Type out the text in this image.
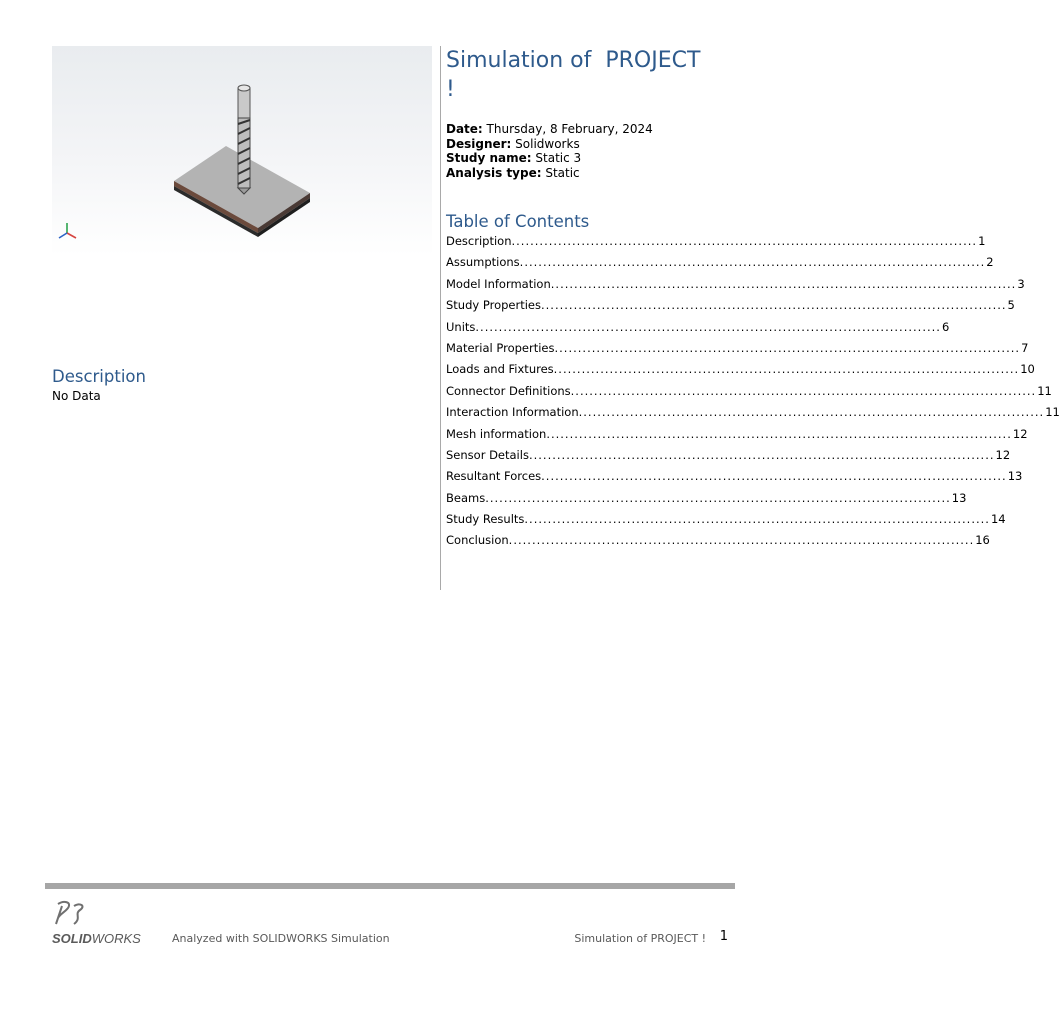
Simulation of  PROJECT
!
Date: Thursday, 8 February, 2024
Designer: Solidworks
Study name: Static 3
Analysis type: Static
Table of Contents
Description .................................................................................................... 1
Assumptions .................................................................................................... 2
Model Information .................................................................................................... 3
Study Properties .................................................................................................... 5
Units .................................................................................................... 6
Material Properties .................................................................................................... 7
Loads and Fixtures .................................................................................................... 10
Connector Definitions .................................................................................................... 11
Interaction Information .................................................................................................... 11
Mesh information .................................................................................................... 12
Sensor Details .................................................................................................... 12
Resultant Forces .................................................................................................... 13
Beams .................................................................................................... 13
Study Results .................................................................................................... 14
Conclusion .................................................................................................... 16
Description
No Data
SOLIDWORKS	Analyzed with SOLIDWORKS Simulation	Simulation of PROJECT ! 1
